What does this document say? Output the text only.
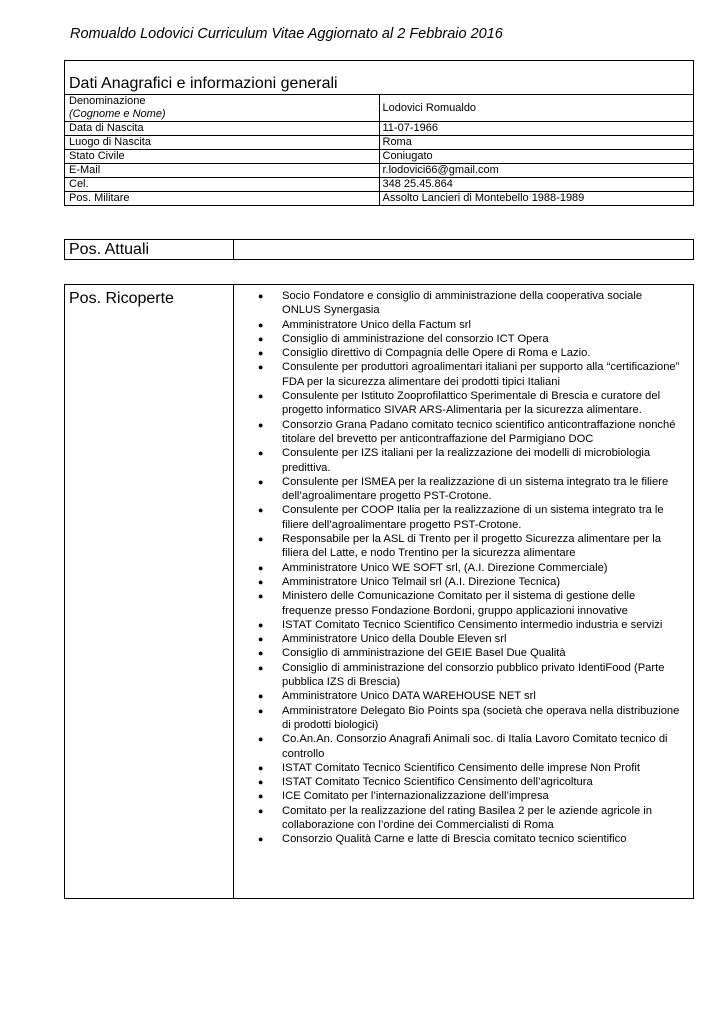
Romualdo Lodovici Curriculum Vitae Aggiornato al 2 Febbraio 2016
Dati Anagrafici e informazioni generali	

Denominazione
(Cognome e Nome)	Lodovici Romualdo
Data di Nascita	11-07-1966
Luogo di Nascita	Roma
Stato Civile	Coniugato
E-Mail	r.lodovici66@gmail.com
Cel.	348 25.45.864
Pos. Militare	Assolto Lancieri di Montebello 1988-1989
Pos. Attuali	
Pos. Ricoperte	● Socio Fondatore e consiglio di amministrazione della cooperativa sociale ONLUS Synergasia
● Amministratore Unico della Factum srl
● Consiglio di amministrazione del consorzio ICT Opera
● Consiglio direttivo di Compagnia delle Opere di Roma e Lazio.
● Consulente per produttori agroalimentari italiani per supporto alla “certificazione” FDA per la sicurezza alimentare dei prodotti tipici Italiani
● Consulente per Istituto Zooprofilattico Sperimentale di Brescia e curatore del progetto informatico SIVAR ARS-Alimentaria per la sicurezza alimentare.
● Consorzio Grana Padano comitato tecnico scientifico anticontraffazione nonché titolare del brevetto per anticontraffazione del Parmigiano DOC
● Consulente per IZS italiani per la realizzazione dei modelli di microbiologia predittiva.
● Consulente per ISMEA per la realizzazione di un sistema integrato tra le filiere dell’agroalimentare progetto PST-Crotone.
● Consulente per COOP Italia per la realizzazione di un sistema integrato tra le filiere dell’agroalimentare progetto PST-Crotone.
● Responsabile per la ASL di Trento per il progetto Sicurezza alimentare per la filiera del Latte, e nodo Trentino per la sicurezza alimentare
● Amministratore Unico WE SOFT srl, (A.I. Direzione Commerciale)
● Amministratore Unico Telmail srl (A.I. Direzione Tecnica)
● Ministero delle Comunicazione Comitato per il sistema di gestione delle frequenze presso Fondazione Bordoni, gruppo applicazioni innovative
● ISTAT Comitato Tecnico Scientifico Censimento intermedio industria e servizi
● Amministratore Unico della Double Eleven srl
● Consiglio di amministrazione del GEIE Basel Due Qualità
● Consiglio di amministrazione del consorzio pubblico privato IdentiFood (Parte pubblica IZS di Brescia)
● Amministratore Unico DATA WAREHOUSE NET srl
● Amministratore Delegato Bio Points spa (società che operava nella distribuzione di prodotti biologici)
● Co.An.An. Consorzio Anagrafi Animali soc. di Italia Lavoro Comitato tecnico di controllo
● ISTAT Comitato Tecnico Scientifico Censimento delle imprese Non Profit
● ISTAT Comitato Tecnico Scientifico Censimento dell’agricoltura
● ICE Comitato per l’internazionalizzazione dell’impresa
● Comitato per la realizzazione del rating Basilea 2 per le aziende agricole in collaborazione con l’ordine dei Commercialisti di Roma
● Consorzio Qualità Carne e latte di Brescia comitato tecnico scientifico
